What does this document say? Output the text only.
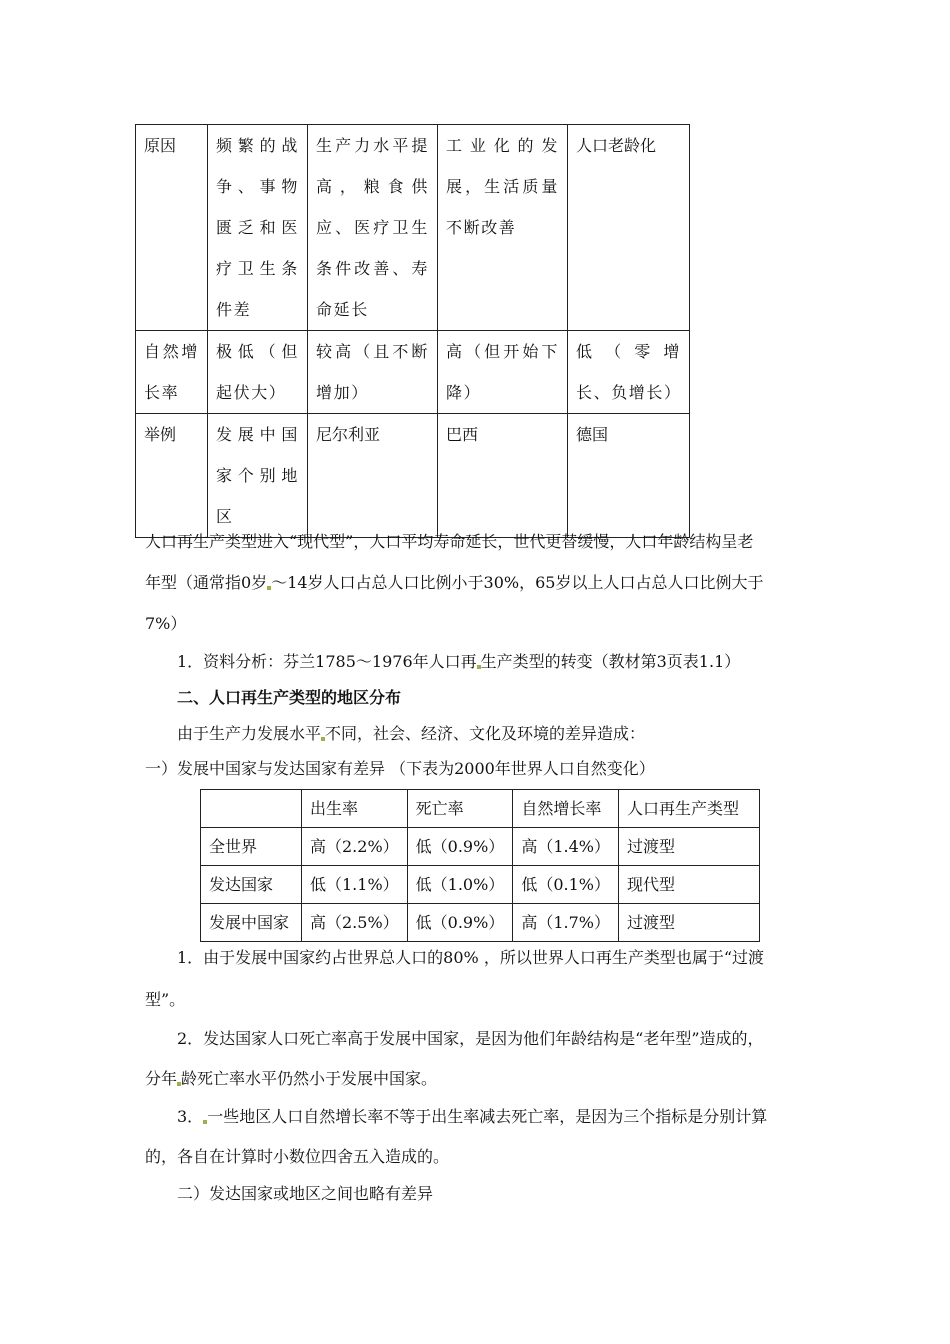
原因	频繁的战争、事物匮乏和医疗卫生条件差	生产力水平提高，粮食供应、医疗卫生条件改善、寿命延长	工业化的发展，生活质量不断改善	人口老龄化
自然增长率	极低（但起伏大）	较高（且不断增加）	高（但开始下降）	低（零增长、负增长）
举例	发展中国家个别地区	尼尔利亚	巴西	德国
人口再生产类型进入“现代型”，人口平均寿命延长，世代更替缓慢，人口年龄结构呈老
年型（通常指0岁 ～14岁人口占总人口比例小于30%，65岁以上人口占总人口比例大于
7%）
1．资料分析：芬兰1785～1976年人口再 生产类型的转变（教材第3页表1.1）
二、人口再生产类型的地区分布
由于生产力发展水平 不同，社会、经济、文化及环境的差异造成：
一）发展中国家与发达国家有差异 （下表为2000年世界人口自然变化）
	出生率	死亡率	自然增长率	人口再生产类型
全世界	高（2.2%）	低（0.9%）	高（1.4%）	过渡型
发达国家	低（1.1%）	低（1.0%）	低（0.1%）	现代型
发展中国家	高（2.5%）	低（0.9%）	高（1.7%）	过渡型
1．由于发展中国家约占世界总人口的80% ，所以世界人口再生产类型也属于“过渡
型”。
2．发达国家人口死亡率高于发展中国家，是因为他们年龄结构是“老年型”造成的，
分年 龄死亡率水平仍然小于发展中国家。
3． 一些地区人口自然增长率不等于出生率减去死亡率，是因为三个指标是分别计算
的，各自在计算时小数位四舍五入造成的。
二）发达国家或地区之间也略有差异
